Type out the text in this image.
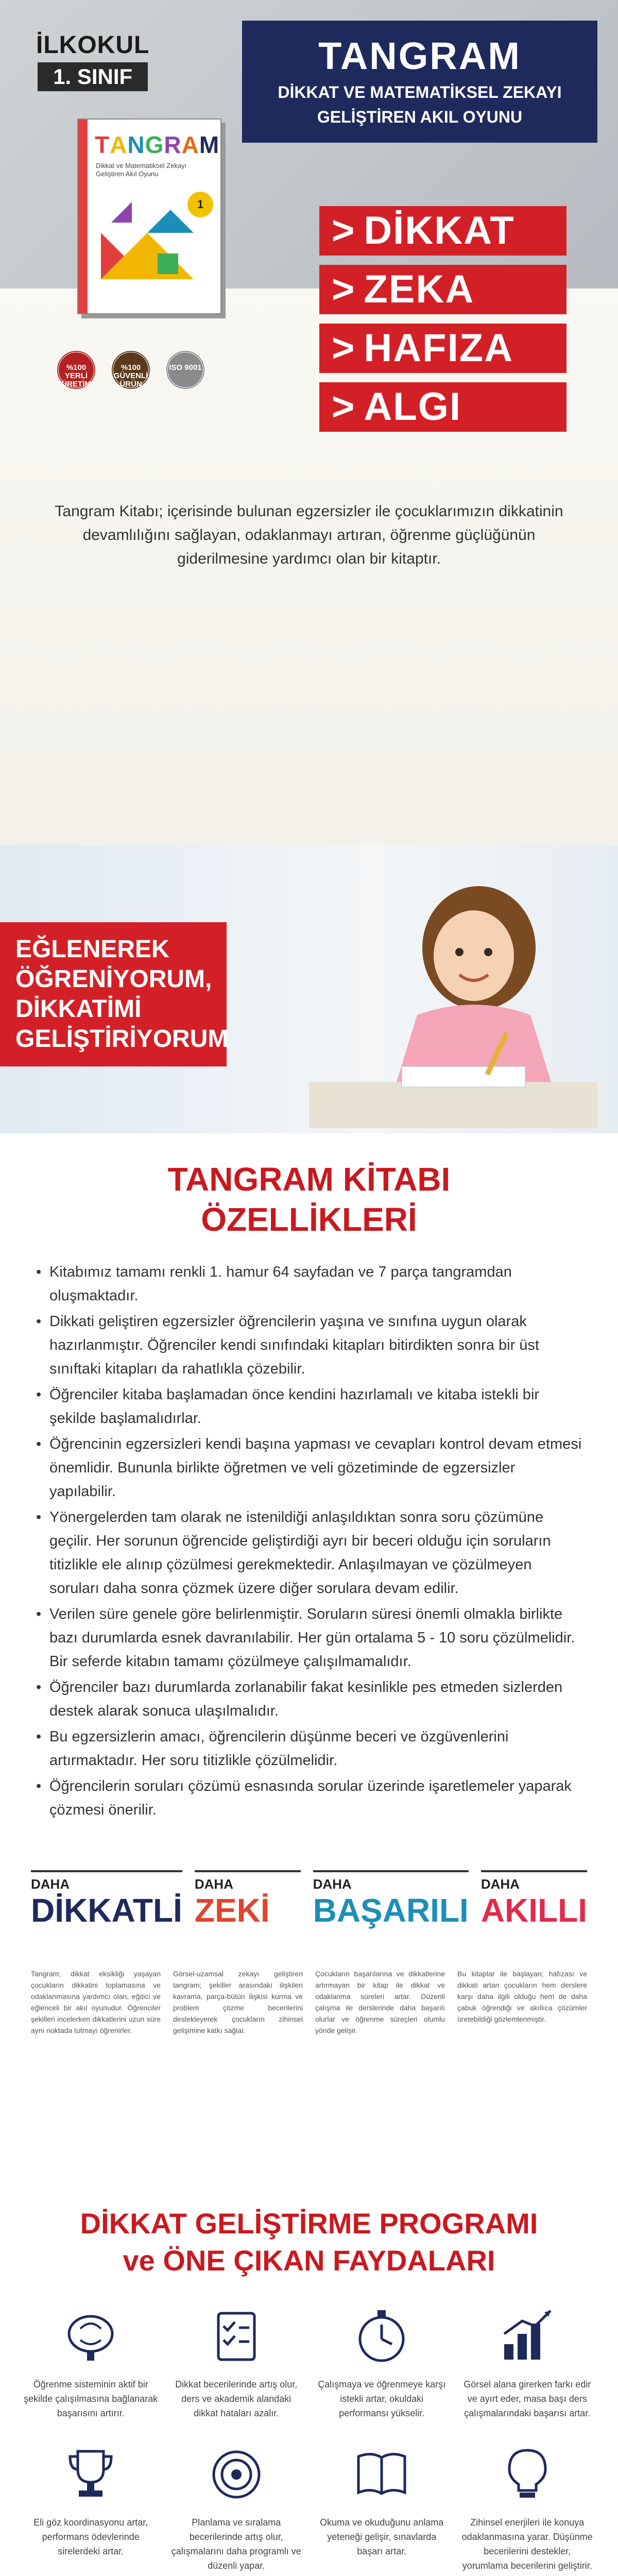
İLKOKUL
1. SINIF	TANGRAM
DİKKAT VE MATEMATİKSEL ZEKAYI
GELİŞTİREN AKIL OYUNU
TANGRAM
Dikkat ve Matematiksel Zekayı Geliştiren Akıl Oyunu
1
> DİKKAT
> ZEKA
> HAFIZA
> ALGI
%100 YERLİ ÜRETİM
%100 GÜVENLİ ÜRÜN
ISO 9001

Tangram Kitabı; içerisinde bulunan egzersizler ile çocuklarımızın dikkatinin devamlılığını sağlayan, odaklanmayı artıran, öğrenme güçlüğünün giderilmesine yardımcı olan bir kitaptır.

EĞLENEREK
ÖĞRENİYORUM,
DİKKATİMİ
GELİŞTİRİYORUM
TANGRAM KİTABI
ÖZELLİKLERİ
• Kitabımız tamamı renkli 1. hamur 64 sayfadan ve 7 parça tangramdan oluşmaktadır.
• Dikkati geliştiren egzersizler öğrencilerin yaşına ve sınıfına uygun olarak hazırlanmıştır. Öğrenciler kendi sınıfındaki kitapları bitirdikten sonra bir üst sınıftaki kitapları da rahatlıkla çözebilir.
• Öğrenciler kitaba başlamadan önce kendini hazırlamalı ve kitaba istekli bir şekilde başlamalıdırlar.
• Öğrencinin egzersizleri kendi başına yapması ve cevapları kontrol devam etmesi önemlidir. Bununla birlikte öğretmen ve veli gözetiminde de egzersizler yapılabilir.
• Yönergelerden tam olarak ne istenildiği anlaşıldıktan sonra soru çözümüne geçilir. Her sorunun öğrencide geliştirdiği ayrı bir beceri olduğu için soruların titizlikle ele alınıp çözülmesi gerekmektedir. Anlaşılmayan ve çözülmeyen soruları daha sonra çözmek üzere diğer sorulara devam edilir.
• Verilen süre genele göre belirlenmiştir. Soruların süresi önemli olmakla birlikte bazı durumlarda esnek davranılabilir. Her gün ortalama 5 - 10 soru çözülmelidir. Bir seferde kitabın tamamı çözülmeye çalışılmamalıdır.
• Öğrenciler bazı durumlarda zorlanabilir fakat kesinlikle pes etmeden sizlerden destek alarak sonuca ulaşılmalıdır.
• Bu egzersizlerin amacı, öğrencilerin düşünme beceri ve özgüvenlerini artırmaktadır. Her soru titizlikle çözülmelidir.
• Öğrencilerin soruları çözümü esnasında sorular üzerinde işaretlemeler yaparak çözmesi önerilir.
DAHA
DİKKATLİ
DAHA
ZEKİ
DAHA
BAŞARILI
DAHA
AKILLI

Tangram; dikkat eksikliği yaşayan çocukların dikkatini toplamasına ve odaklanmasına yardımcı olan, eğitici ve eğlenceli bir akıl oyunudur. Öğrenciler şekilleri incelerken dikkatlerini uzun süre aynı noktada tutmayı öğrenirler.

Görsel-uzamsal zekayı geliştiren tangram; şekiller arasındaki ilişkileri kavrama, parça-bütün ilişkisi kurma ve problem çözme becerilerini destekleyerek çocukların zihinsel gelişimine katkı sağlar.

Çocukların başarılarına ve dikkatlerine artırmayan bir kitap ile dikkat ve odaklanma süreleri artar. Düzenli çalışma ile derslerinde daha başarılı olurlar ve öğrenme süreçleri olumlu yönde gelişir.

Bu kitaplar ile başlayan; hafızası ve dikkati artan çocukların hem derslere karşı daha ilgili olduğu hem de daha çabuk öğrendiği ve akıllıca çözümler üretebildiği gözlemlenmiştir.

DİKKAT GELİŞTİRME PROGRAMI
ve ÖNE ÇIKAN FAYDALARI

Öğrenme sisteminin aktif bir şekilde çalışılmasına bağlanarak başarısını artırır.

Dikkat becerilerinde artış olur, ders ve akademik alandaki dikkat hataları azalır.

Çalışmaya ve öğrenmeye karşı istekli artar, okuldaki performansı yükselir.

Görsel alana girerken farkı edir ve ayırt eder, masa başı ders çalışmalarındaki başarısı artar.

Eli göz koordinasyonu artar, performans ödevlerinde sirelerdeki artar.

Planlama ve sıralama becerilerinde artış olur, çalışmalarını daha programlı ve düzenli yapar.

Okuma ve okuduğunu anlama yeteneği gelişir, sınavlarda başarı artar.

Zihinsel enerjileri ile konuya odaklanmasına yarar. Düşünme becerilerini destekler, yorumlama becerilerini geliştirir.
